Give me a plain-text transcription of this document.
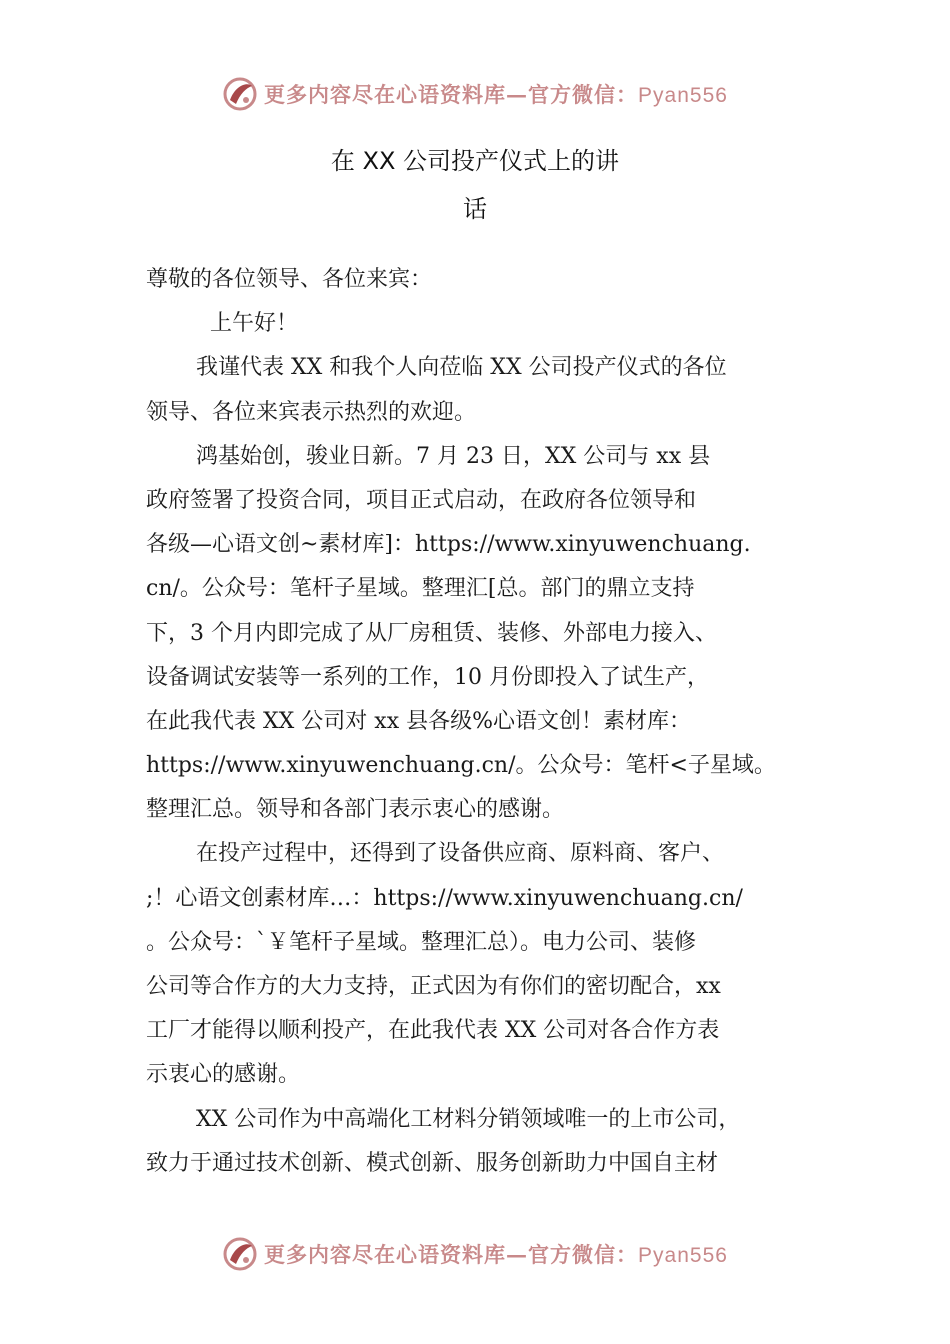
更多内容尽在心语资料库—官方微信：Pyan556
在 XX 公司投产仪式上的讲
话
尊敬的各位领导、各位来宾：
上午好！
我谨代表 XX 和我个人向莅临 XX 公司投产仪式的各位
领导、各位来宾表示热烈的欢迎。
鸿基始创，骏业日新。7 月 23 日，XX 公司与 xx 县
政府签署了投资合同，项目正式启动，在政府各位领导和
各级—心语文创~素材库]：https://www.xinyuwenchuang.
cn/。公众号：笔杆子星域。整理汇[总。部门的鼎立支持
下，3 个月内即完成了从厂房租赁、装修、外部电力接入、
设备调试安装等一系列的工作，10 月份即投入了试生产，
在此我代表 XX 公司对 xx 县各级%心语文创！素材库：
https://www.xinyuwenchuang.cn/。公众号：笔杆<子星域。
整理汇总。领导和各部门表示衷心的感谢。
在投产过程中，还得到了设备供应商、原料商、客户、
;！心语文创素材库…：https://www.xinyuwenchuang.cn/
。公众号：`￥笔杆子星域。整理汇总）。电力公司、装修
公司等合作方的大力支持，正式因为有你们的密切配合，xx
工厂才能得以顺利投产，在此我代表 XX 公司对各合作方表
示衷心的感谢。
XX 公司作为中高端化工材料分销领域唯一的上市公司，
致力于通过技术创新、模式创新、服务创新助力中国自主材
更多内容尽在心语资料库—官方微信：Pyan556
